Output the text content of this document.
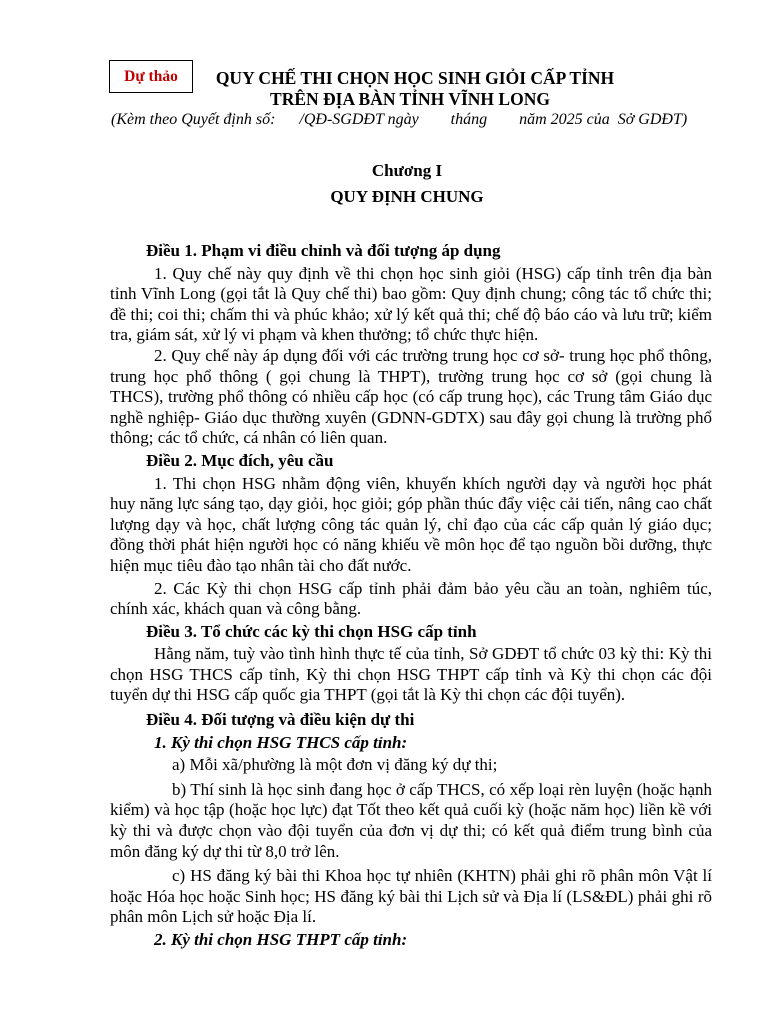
Dự thảo	QUY CHẾ THI CHỌN HỌC SINH GIỎI CẤP TỈNH
TRÊN ĐỊA BÀN TỈNH VĨNH LONG
(Kèm theo Quyết định số:      /QĐ-SGDĐT ngày        tháng        năm 2025 của  Sở GDĐT)
Chương I
QUY ĐỊNH CHUNG

Điều 1. Phạm vi điều chỉnh và đối tượng áp dụng

1. Quy chế này quy định về thi chọn học sinh giỏi (HSG) cấp tỉnh trên địa bàn tỉnh Vĩnh Long (gọi tắt là Quy chế thi) bao gồm: Quy định chung; công tác tổ chức thi; đề thi; coi thi; chấm thi và phúc khảo; xử lý kết quả thi; chế độ báo cáo và lưu trữ; kiểm tra, giám sát, xử lý vi phạm và khen thưởng; tổ chức thực hiện.

2. Quy chế này áp dụng đối với các trường trung học cơ sở- trung học phổ thông, trung học phổ thông ( gọi chung là THPT), trường trung học cơ sở (gọi chung là THCS), trường phổ thông có nhiều cấp học (có cấp trung học), các Trung tâm Giáo dục nghề nghiệp- Giáo dục thường xuyên (GDNN-GDTX) sau đây gọi chung là trường phổ thông; các tổ chức, cá nhân có liên quan.

Điều 2. Mục đích, yêu cầu

1. Thi chọn HSG nhằm động viên, khuyến khích người dạy và người học phát huy năng lực sáng tạo, dạy giỏi, học giỏi; góp phần thúc đẩy việc cải tiến, nâng cao chất lượng dạy và học, chất lượng công tác quản lý, chỉ đạo của các cấp quản lý giáo dục; đồng thời phát hiện người học có năng khiếu về môn học để tạo nguồn bồi dưỡng, thực hiện mục tiêu đào tạo nhân tài cho đất nước.

2. Các Kỳ thi chọn HSG cấp tỉnh phải đảm bảo yêu cầu an toàn, nghiêm túc, chính xác, khách quan và công bằng.

Điều 3. Tổ chức các kỳ thi chọn HSG cấp tỉnh

Hằng năm, tuỳ vào tình hình thực tế của tỉnh, Sở GDĐT tổ chức 03 kỳ thi: Kỳ thi chọn HSG THCS cấp tỉnh, Kỳ thi chọn HSG THPT cấp tỉnh và Kỳ thi chọn các đội tuyển dự thi HSG cấp quốc gia THPT (gọi tắt là Kỳ thi chọn các đội tuyển).

Điều 4. Đối tượng và điều kiện dự thi

1. Kỳ thi chọn HSG THCS cấp tỉnh:

a) Mỗi xã/phường là một đơn vị đăng ký dự thi;

b) Thí sinh là học sinh đang học ở cấp THCS, có xếp loại rèn luyện (hoặc hạnh kiểm) và học tập (hoặc học lực) đạt Tốt theo kết quả cuối kỳ (hoặc năm học) liền kề với kỳ thi và được chọn vào đội tuyển của đơn vị dự thi; có kết quả điểm trung bình của môn đăng ký dự thi từ 8,0 trở lên.

c) HS đăng ký bài thi Khoa học tự nhiên (KHTN) phải ghi rõ phân môn Vật lí hoặc Hóa học hoặc Sinh học; HS đăng ký bài thi Lịch sử và Địa lí (LS&ĐL) phải ghi rõ phân môn Lịch sử hoặc Địa lí.

2. Kỳ thi chọn HSG THPT cấp tỉnh:
